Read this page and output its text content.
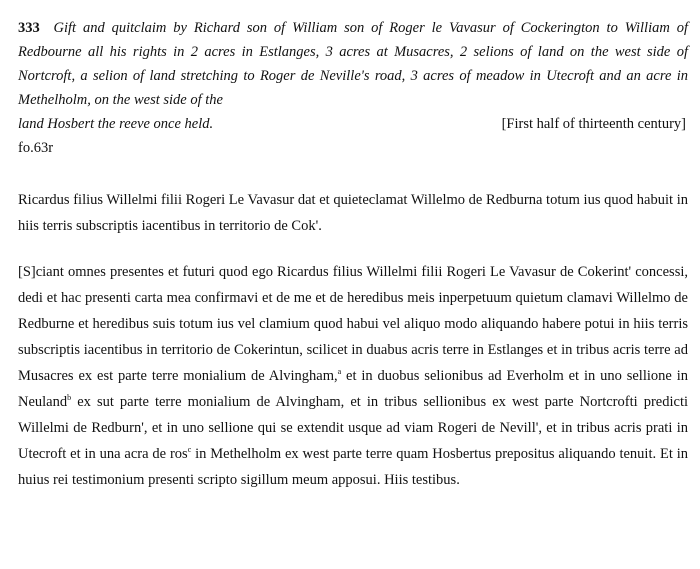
333 Gift and quitclaim by Richard son of William son of Roger le Vavasur of Cockerington to William of Redbourne all his rights in 2 acres in Estlanges, 3 acres at Musacres, 2 selions of land on the west side of Nortcroft, a selion of land stretching to Roger de Neville's road, 3 acres of meadow in Utecroft and an acre in Methelholm, on the west side of the

land Hosbert the reeve once held.	[First half of thirteenth century]

fo.63r

Ricardus filius Willelmi filii Rogeri Le Vavasur dat et quieteclamat Willelmo de Redburna totum ius quod habuit in hiis terris subscriptis iacentibus in territorio de Cok'.

[S]ciant omnes presentes et futuri quod ego Ricardus filius Willelmi filii Rogeri Le Vavasur de Cokerint' concessi, dedi et hac presenti carta mea confirmavi et de me et de heredibus meis inperpetuum quietum clamavi Willelmo de Redburne et heredibus suis totum ius vel clamium quod habui vel aliquo modo aliquando habere potui in hiis terris subscriptis iacentibus in territorio de Cokerintun, scilicet in duabus acris terre in Estlanges et in tribus acris terre ad Musacres ex est parte terre monialium de Alvingham,$^a$ et in duobus selionibus ad Everholm et in uno sellione in Neuland$^b$ ex sut parte terre monialium de Alvingham, et in tribus sellionibus ex west parte Nortcrofti predicti Willelmi de Redburn', et in uno sellione qui se extendit usque ad viam Rogeri de Nevill', et in tribus acris prati in Utecroft et in una acra de ros$^c$ in Methelholm ex west parte terre quam Hosbertus prepositus aliquando tenuit. Et in huius rei testimonium presenti scripto sigillum meum apposui. Hiis testibus.
